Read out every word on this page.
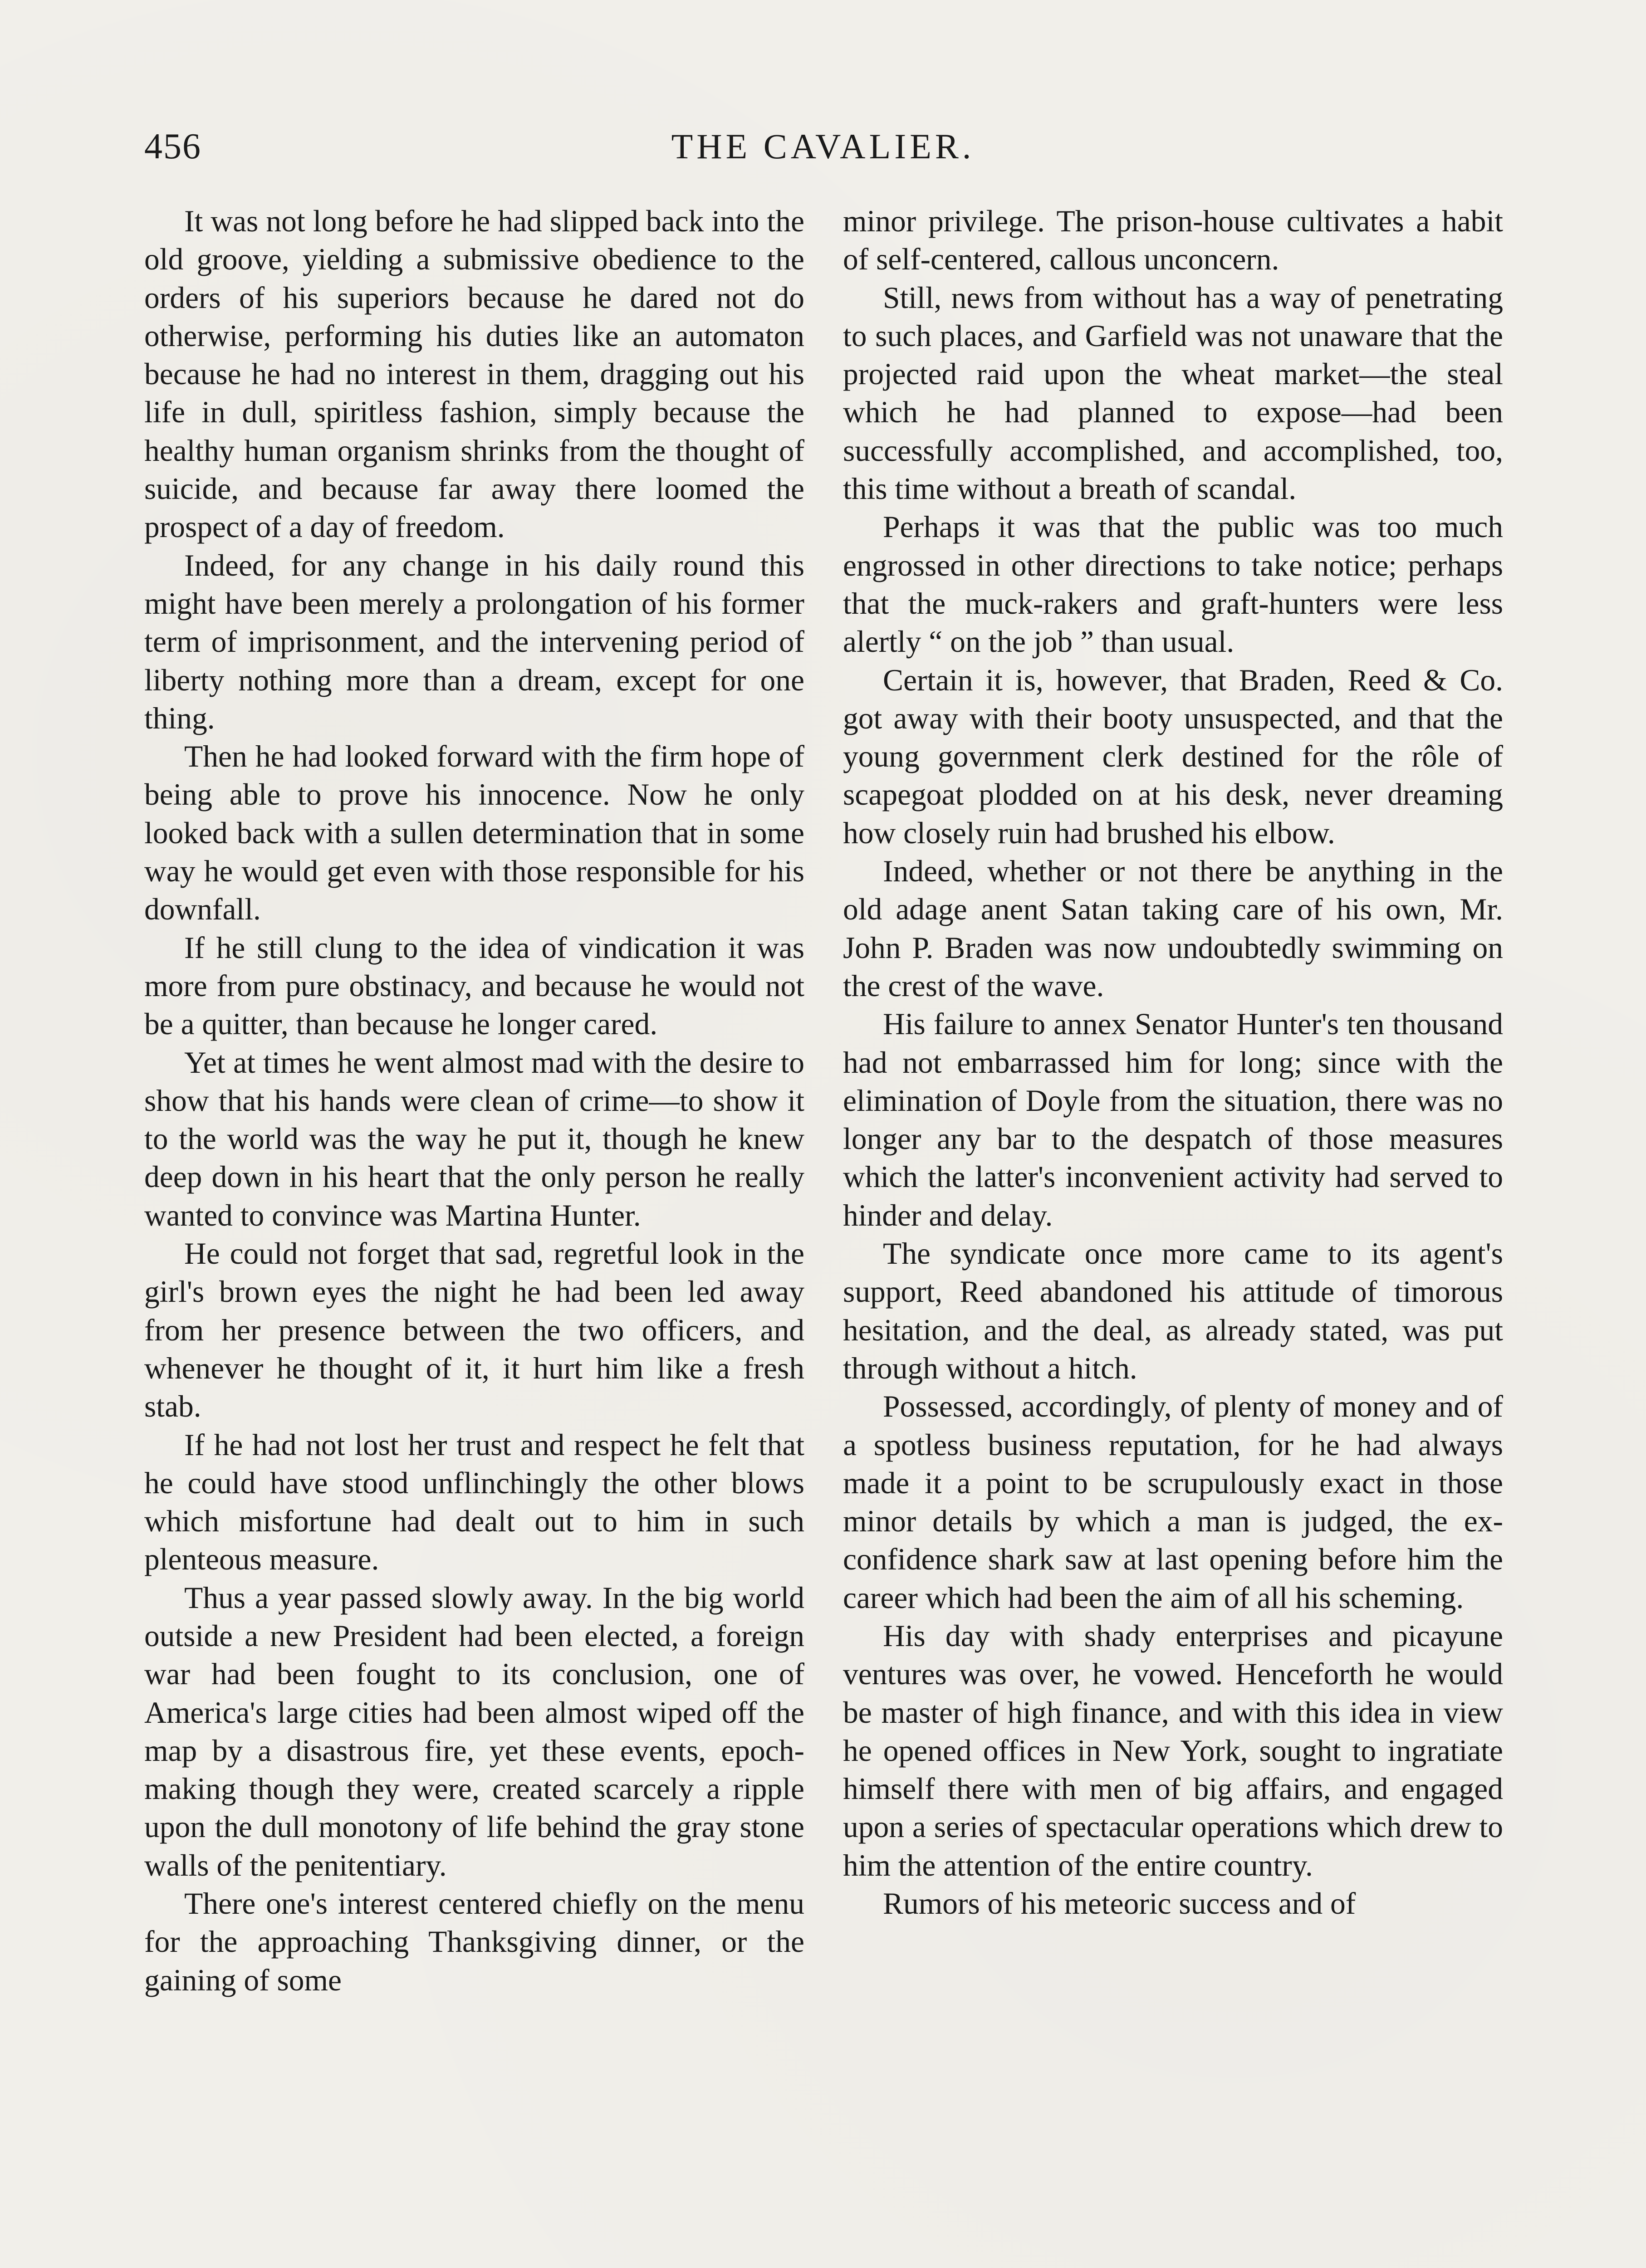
456	THE CAVALIER.

It was not long before he had slipped back into the old groove, yielding a submissive obedience to the orders of his superiors because he dared not do otherwise, performing his duties like an automaton because he had no interest in them, dragging out his life in dull, spiritless fashion, simply because the healthy human organism shrinks from the thought of suicide, and because far away there loomed the prospect of a day of freedom.

Indeed, for any change in his daily round this might have been merely a prolongation of his former term of imprisonment, and the intervening period of liberty nothing more than a dream, except for one thing.

Then he had looked forward with the firm hope of being able to prove his innocence. Now he only looked back with a sullen determination that in some way he would get even with those responsible for his downfall.

If he still clung to the idea of vindication it was more from pure obstinacy, and because he would not be a quitter, than because he longer cared.

Yet at times he went almost mad with the desire to show that his hands were clean of crime—to show it to the world was the way he put it, though he knew deep down in his heart that the only person he really wanted to convince was Martina Hunter.

He could not forget that sad, regretful look in the girl's brown eyes the night he had been led away from her presence between the two officers, and whenever he thought of it, it hurt him like a fresh stab.

If he had not lost her trust and respect he felt that he could have stood unflinchingly the other blows which misfortune had dealt out to him in such plenteous measure.

Thus a year passed slowly away. In the big world outside a new President had been elected, a foreign war had been fought to its conclusion, one of America's large cities had been almost wiped off the map by a disastrous fire, yet these events, epoch-making though they were, created scarcely a ripple upon the dull monotony of life behind the gray stone walls of the penitentiary.

There one's interest centered chiefly on the menu for the approaching Thanksgiving dinner, or the gaining of some

minor privilege. The prison-house cultivates a habit of self-centered, callous unconcern.

Still, news from without has a way of penetrating to such places, and Garfield was not unaware that the projected raid upon the wheat market—the steal which he had planned to expose—had been successfully accomplished, and accomplished, too, this time without a breath of scandal.

Perhaps it was that the public was too much engrossed in other directions to take notice; perhaps that the muck-rakers and graft-hunters were less alertly “ on the job ” than usual.

Certain it is, however, that Braden, Reed & Co. got away with their booty unsuspected, and that the young government clerk destined for the rôle of scapegoat plodded on at his desk, never dreaming how closely ruin had brushed his elbow.

Indeed, whether or not there be anything in the old adage anent Satan taking care of his own, Mr. John P. Braden was now undoubtedly swimming on the crest of the wave.

His failure to annex Senator Hunter's ten thousand had not embarrassed him for long; since with the elimination of Doyle from the situation, there was no longer any bar to the despatch of those measures which the latter's inconvenient activity had served to hinder and delay.

The syndicate once more came to its agent's support, Reed abandoned his attitude of timorous hesitation, and the deal, as already stated, was put through without a hitch.

Possessed, accordingly, of plenty of money and of a spotless business reputation, for he had always made it a point to be scrupulously exact in those minor details by which a man is judged, the ex-confidence shark saw at last opening before him the career which had been the aim of all his scheming.

His day with shady enterprises and picayune ventures was over, he vowed. Henceforth he would be master of high finance, and with this idea in view he opened offices in New York, sought to ingratiate himself there with men of big affairs, and engaged upon a series of spectacular operations which drew to him the attention of the entire country.

Rumors of his meteoric success and of
